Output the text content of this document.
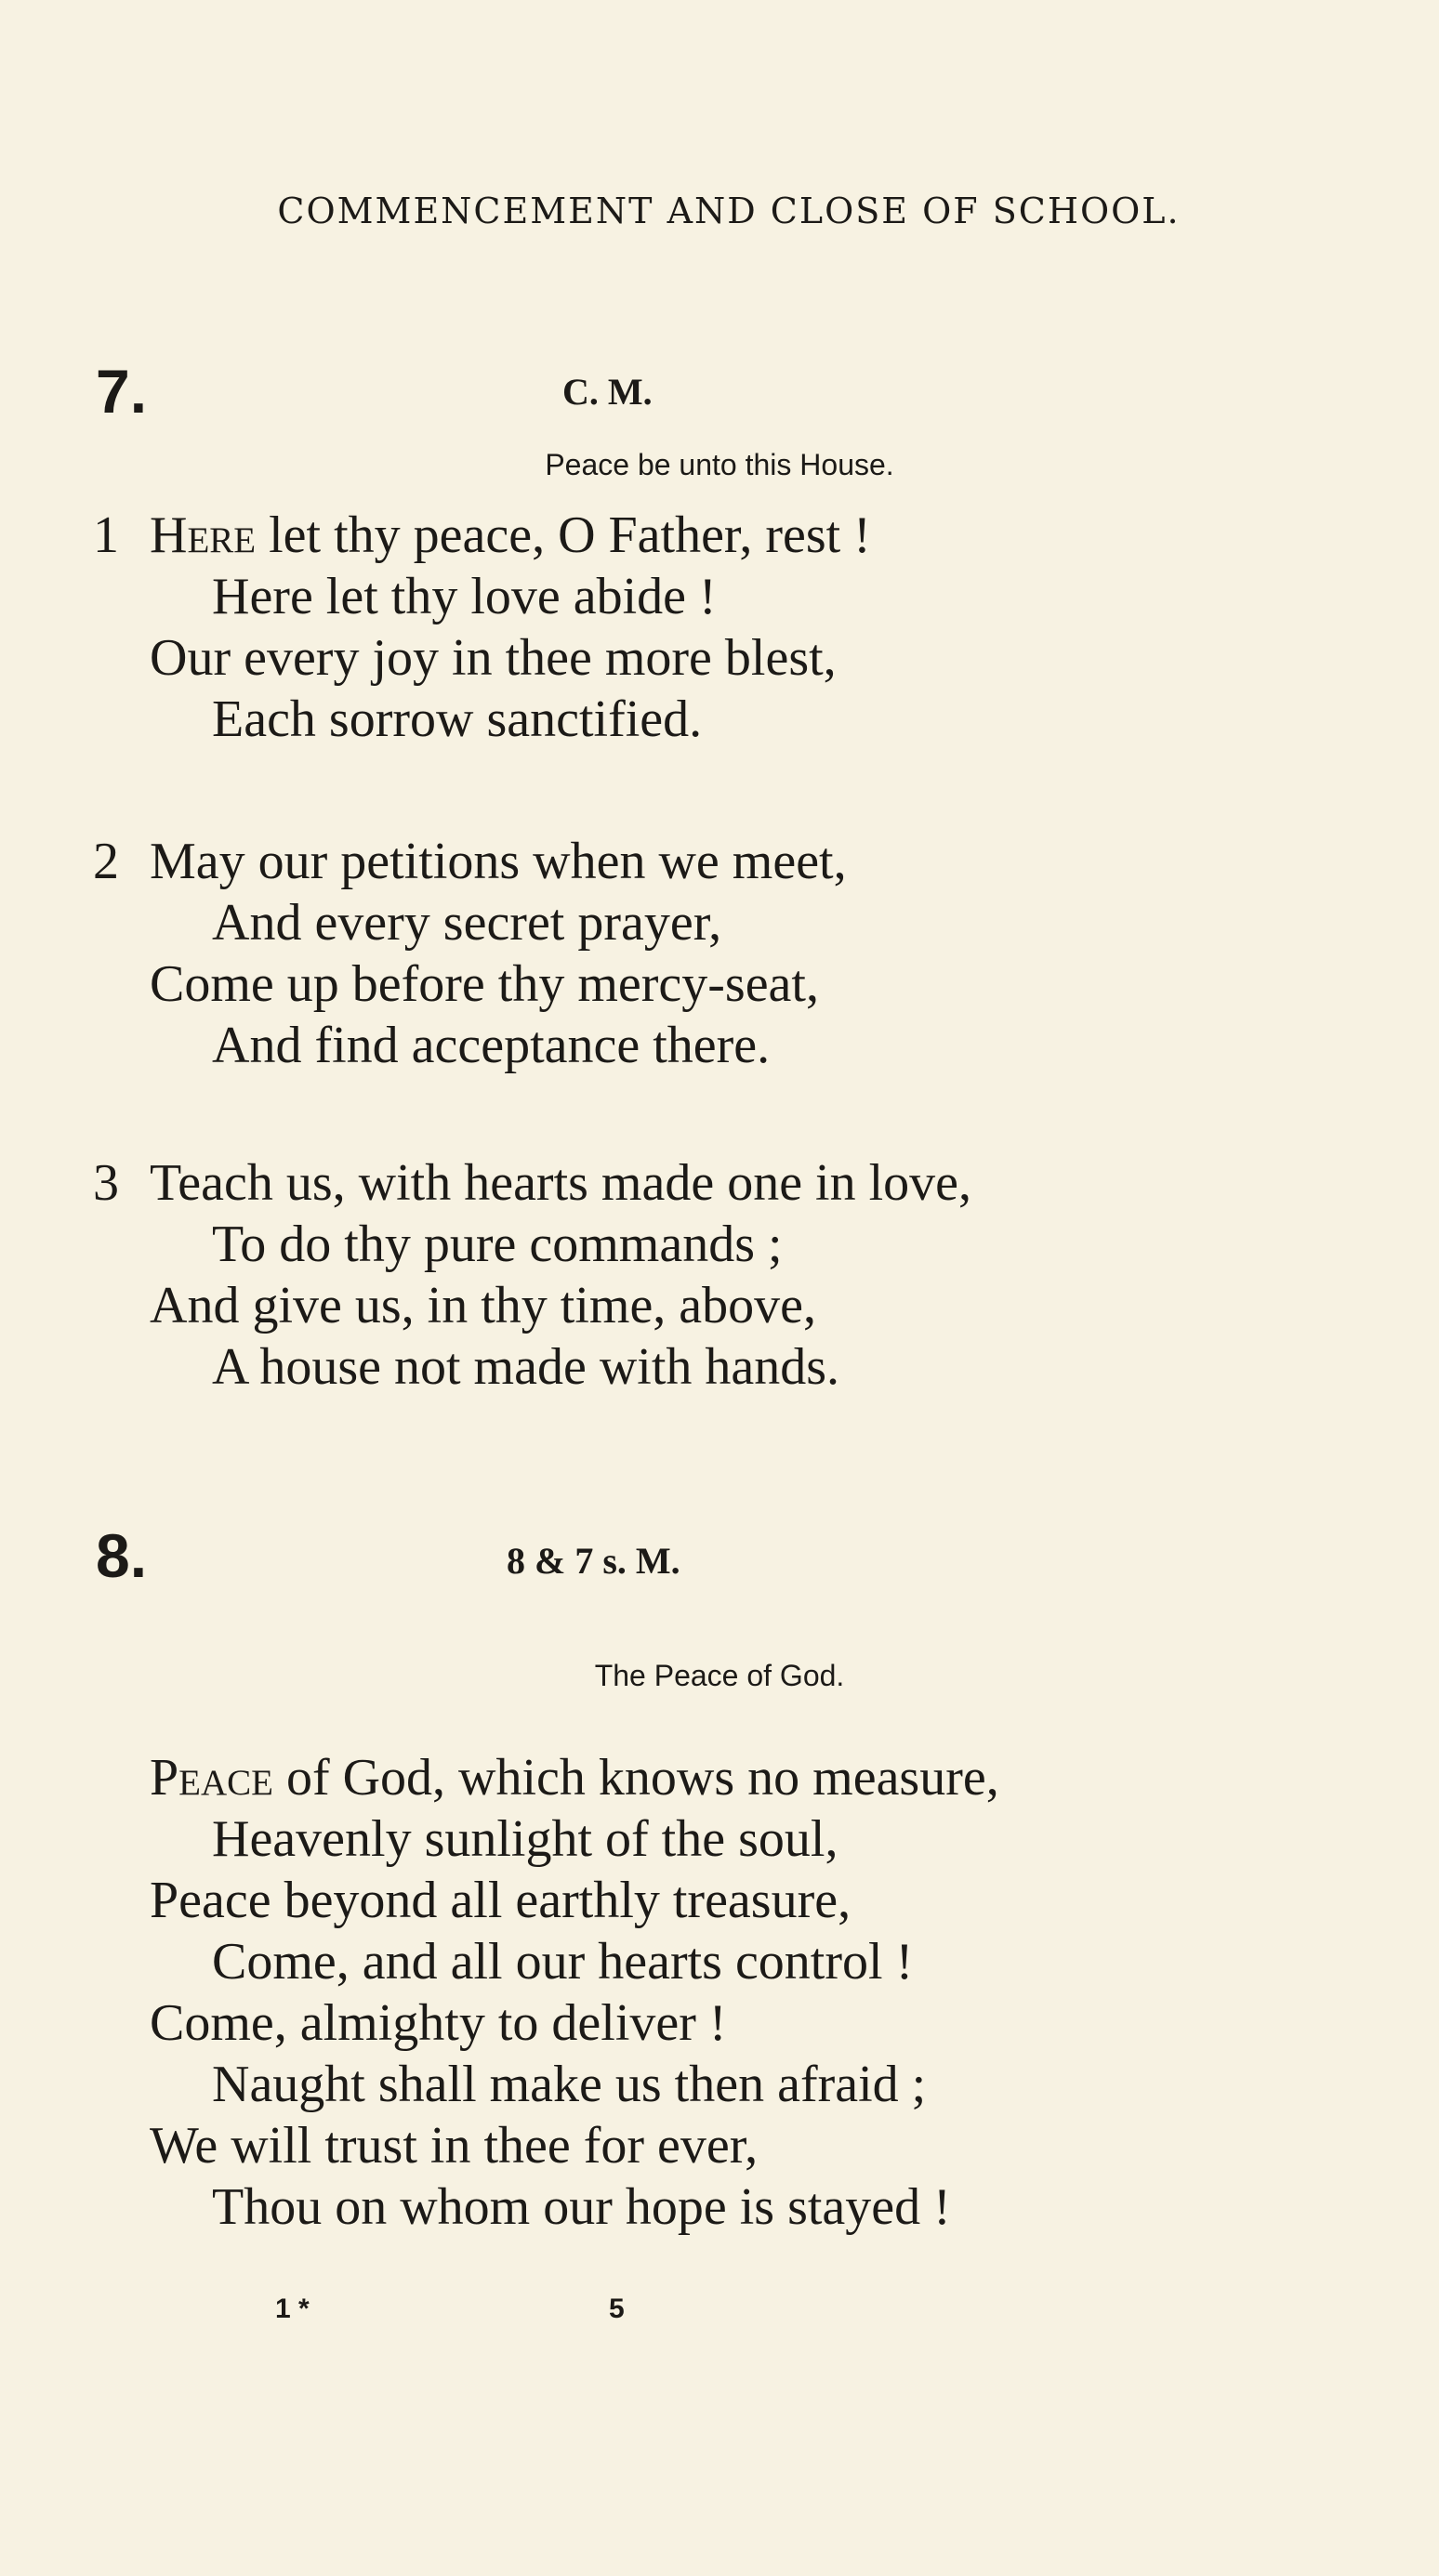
COMMENCEMENT AND CLOSE OF SCHOOL.
7.	C. M.
Peace be unto this House.
1 Here let thy peace, O Father, rest !
Here let thy love abide !
Our every joy in thee more blest,
Each sorrow sanctified.
2 May our petitions when we meet,
And every secret prayer,
Come up before thy mercy-seat,
And find acceptance there.
3 Teach us, with hearts made one in love,
To do thy pure commands ;
And give us, in thy time, above,
A house not made with hands.
8.	8 & 7 s. M.
The Peace of God.
Peace of God, which knows no measure,
Heavenly sunlight of the soul,
Peace beyond all earthly treasure,
Come, and all our hearts control !
Come, almighty to deliver !
Naught shall make us then afraid ;
We will trust in thee for ever,
Thou on whom our hope is stayed !
1 *	5
